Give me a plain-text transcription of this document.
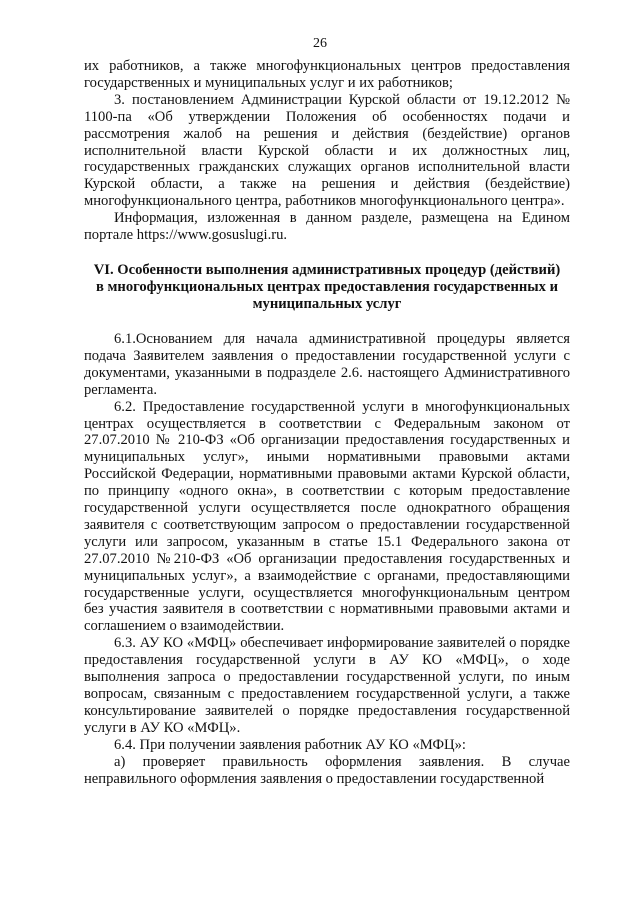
26

их работников, а также многофункциональных центров предоставления государственных и муниципальных услуг и их работников;

3. постановлением Администрации Курской области от 19.12.2012 № 1100-па «Об утверждении Положения об особенностях подачи и рассмотрения жалоб на решения и действия (бездействие) органов исполнительной власти Курской области и их должностных лиц, государственных гражданских служащих органов исполнительной власти Курской области, а также на решения и действия (бездействие) многофункционального центра, работников многофункционального центра».

Информация, изложенная в данном разделе, размещена на Едином портале https://www.gosuslugi.ru.

VI. Особенности выполнения административных процедур (действий) в многофункциональных центрах предоставления государственных и муниципальных услуг

6.1.Основанием для начала административной процедуры является подача Заявителем заявления о предоставлении государственной услуги с документами, указанными в подразделе 2.6. настоящего Административного регламента.

6.2. Предоставление государственной услуги в многофункциональных центрах осуществляется в соответствии с Федеральным законом от 27.07.2010 № 210-ФЗ «Об организации предоставления государственных и муниципальных услуг», иными нормативными правовыми актами Российской Федерации, нормативными правовыми актами Курской области, по принципу «одного окна», в соответствии с которым предоставление государственной услуги осуществляется после однократного обращения заявителя с соответствующим запросом о предоставлении государственной услуги или запросом, указанным в статье 15.1 Федерального закона от 27.07.2010 №210-ФЗ «Об организации предоставления государственных и муниципальных услуг», а взаимодействие с органами, предоставляющими государственные услуги, осуществляется многофункциональным центром без участия заявителя в соответствии с нормативными правовыми актами и соглашением о взаимодействии.

6.3. АУ КО «МФЦ» обеспечивает информирование заявителей о порядке предоставления государственной услуги в АУ КО «МФЦ», о ходе выполнения запроса о предоставлении государственной услуги, по иным вопросам, связанным с предоставлением государственной услуги, а также консультирование заявителей о порядке предоставления государственной услуги в АУ КО «МФЦ».

6.4. При получении заявления работник АУ КО «МФЦ»:

а) проверяет правильность оформления заявления. В случае неправильного оформления заявления о предоставлении государственной
